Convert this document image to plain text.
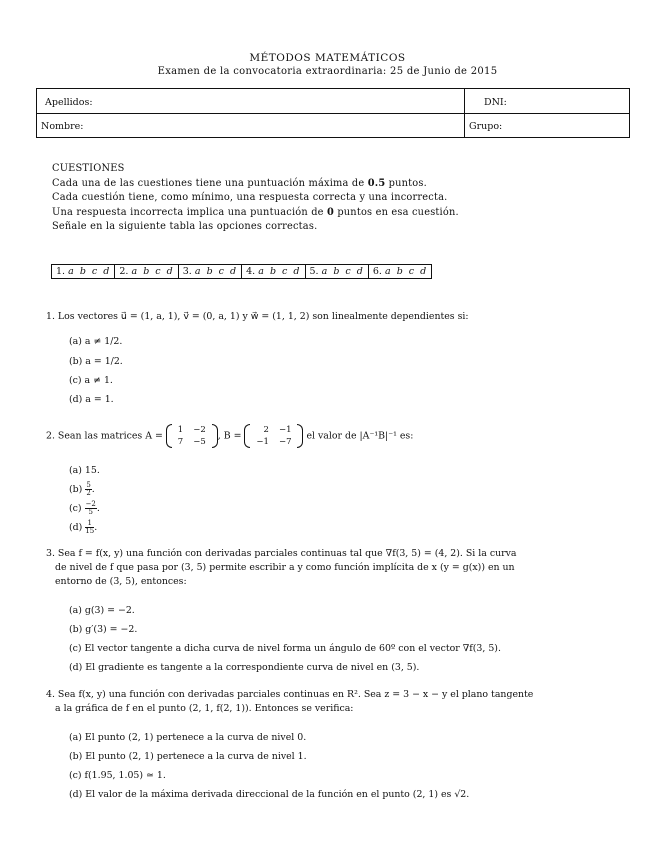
MÉTODOS MATEMÁTICOS
Examen de la convocatoria extraordinaria: 25 de Junio de 2015
Apellidos:	DNI:
Nombre:	Grupo:
CUESTIONES
Cada una de las cuestiones tiene una puntuación máxima de 0.5 puntos.
Cada cuestión tiene, como mínimo, una respuesta correcta y una incorrecta.
Una respuesta incorrecta implica una puntuación de 0 puntos en esa cuestión.
Señale en la siguiente tabla las opciones correctas.
1. a  b  c  d	2. a  b  c  d	3. a  b  c  d	4. a  b  c  d	5. a  b  c  d	6. a  b  c  d
1. Los vectores u⃗ = (1, a, 1), v⃗ = (0, a, 1) y w⃗ = (1, 1, 2) son linealmente dependientes si:
(a) a ≠ 1/2.
(b) a = 1/2.
(c) a ≠ 1.
(d) a = 1.
2. Sean las matrices A =
1	−2
7	−5
, B =
2	−1
−1	−7
el valor de |A⁻¹B|⁻¹ es:
(a) 15.
$(b) \frac{5}{2}$ .
$(c) \frac{-2}{5}$ .
$(d) \frac{1}{15}$ .
3. Sea f = f(x, y) una función con derivadas parciales continuas tal que ∇f(3, 5) = (4, 2). Si la curva
de nivel de f que pasa por (3, 5) permite escribir a y como función implícita de x (y = g(x)) en un
entorno de (3, 5), entonces:
(a) g(3) = −2.
(b) g′(3) = −2.
(c) El vector tangente a dicha curva de nivel forma un ángulo de 60º con el vector ∇f(3, 5).
(d) El gradiente es tangente a la correspondiente curva de nivel en (3, 5).
4. Sea f(x, y) una función con derivadas parciales continuas en R². Sea z = 3 − x − y el plano tangente
a la gráfica de f en el punto (2, 1, f(2, 1)). Entonces se verifica:
(a) El punto (2, 1) pertenece a la curva de nivel 0.
(b) El punto (2, 1) pertenece a la curva de nivel 1.
(c) f(1.95, 1.05) ≃ 1.
(d) El valor de la máxima derivada direccional de la función en el punto (2, 1) es √2.
